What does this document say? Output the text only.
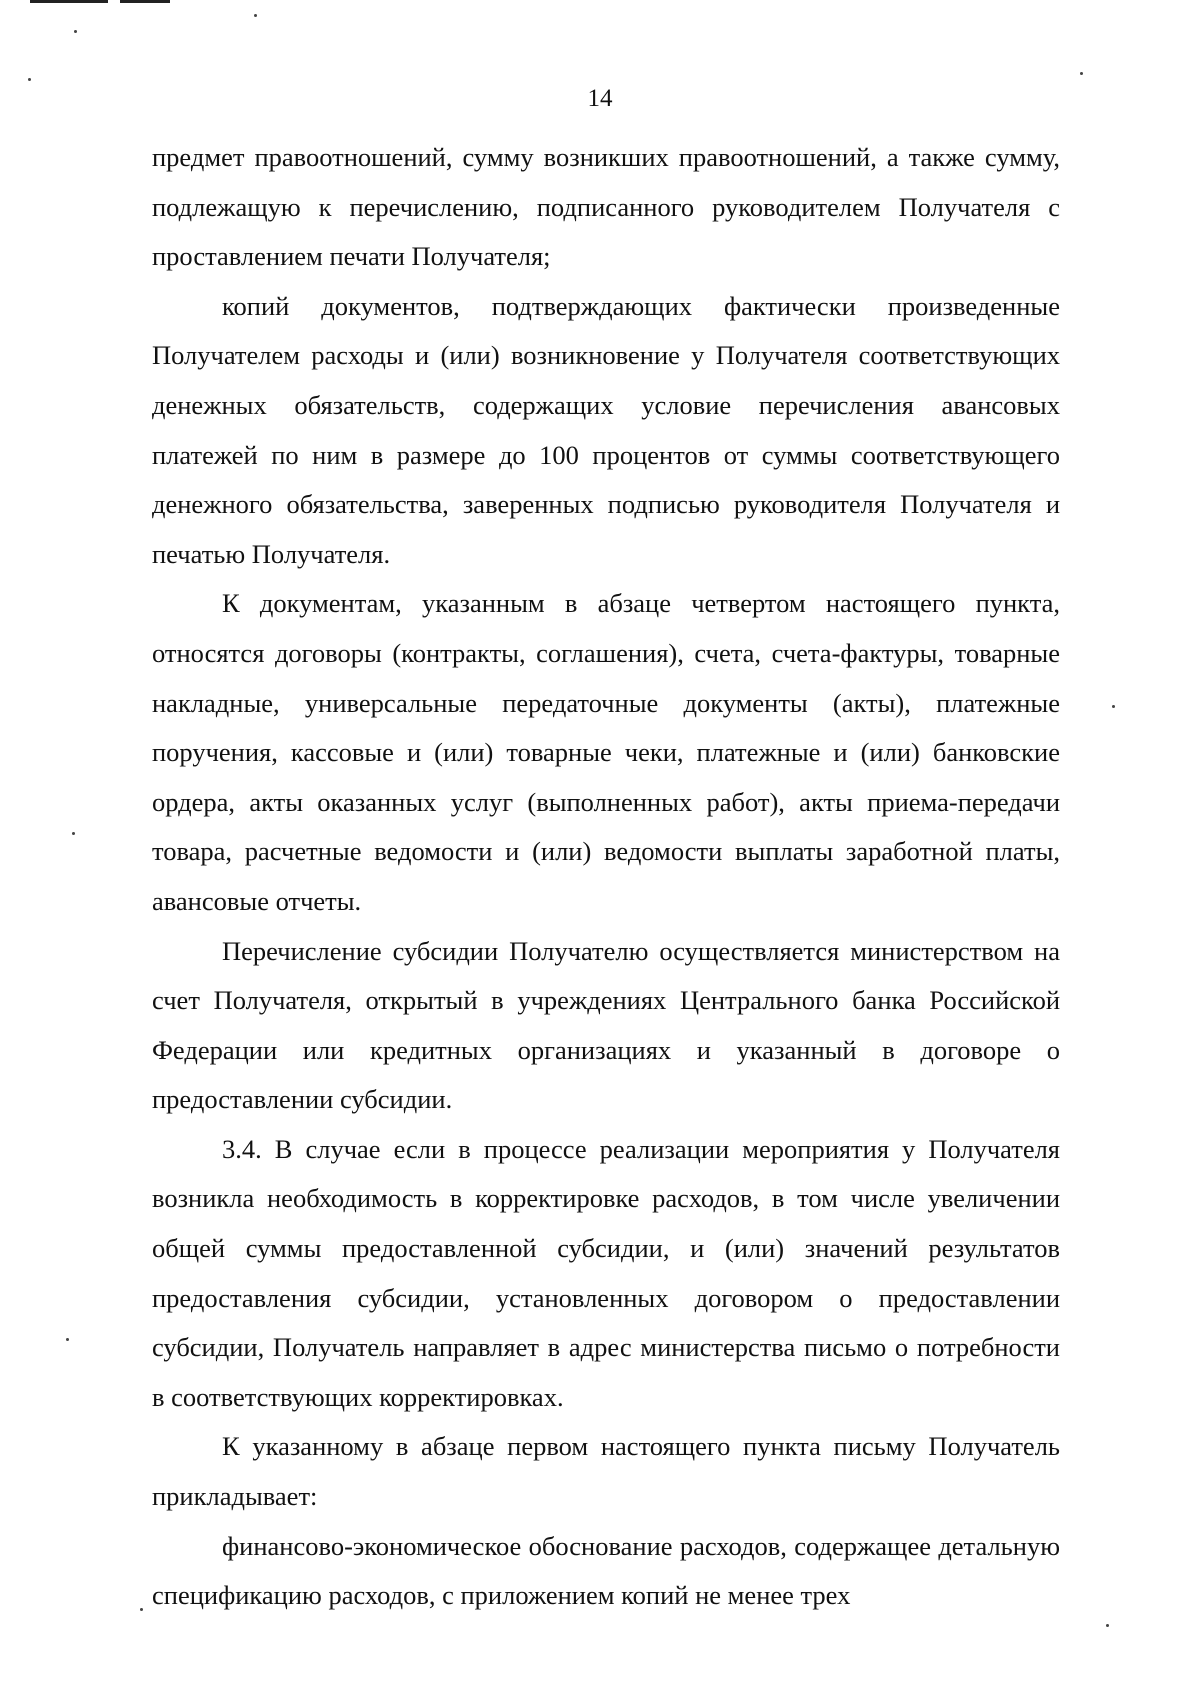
14

предмет правоотношений, сумму возникших правоотношений, а также сумму, подлежащую к перечислению, подписанного руководителем Получателя с проставлением печати Получателя;

копий документов, подтверждающих фактически произведенные Получателем расходы и (или) возникновение у Получателя соответствующих денежных обязательств, содержащих условие перечисления авансовых платежей по ним в размере до 100 процентов от суммы соответствующего денежного обязательства, заверенных подписью руководителя Получателя и печатью Получателя.

К документам, указанным в абзаце четвертом настоящего пункта, относятся договоры (контракты, соглашения), счета, счета-фактуры, товарные накладные, универсальные передаточные документы (акты), платежные поручения, кассовые и (или) товарные чеки, платежные и (или) банковские ордера, акты оказанных услуг (выполненных работ), акты приема-передачи товара, расчетные ведомости и (или) ведомости выплаты заработной платы, авансовые отчеты.

Перечисление субсидии Получателю осуществляется министерством на счет Получателя, открытый в учреждениях Центрального банка Российской Федерации или кредитных организациях и указанный в договоре о предоставлении субсидии.

3.4. В случае если в процессе реализации мероприятия у Получателя возникла необходимость в корректировке расходов, в том числе увеличении общей суммы предоставленной субсидии, и (или) значений результатов предоставления субсидии, установленных договором о предоставлении субсидии, Получатель направляет в адрес министерства письмо о потребности в соответствующих корректировках.

К указанному в абзаце первом настоящего пункта письму Получатель прикладывает:

финансово-экономическое обоснование расходов, содержащее детальную спецификацию расходов, с приложением копий не менее трех
